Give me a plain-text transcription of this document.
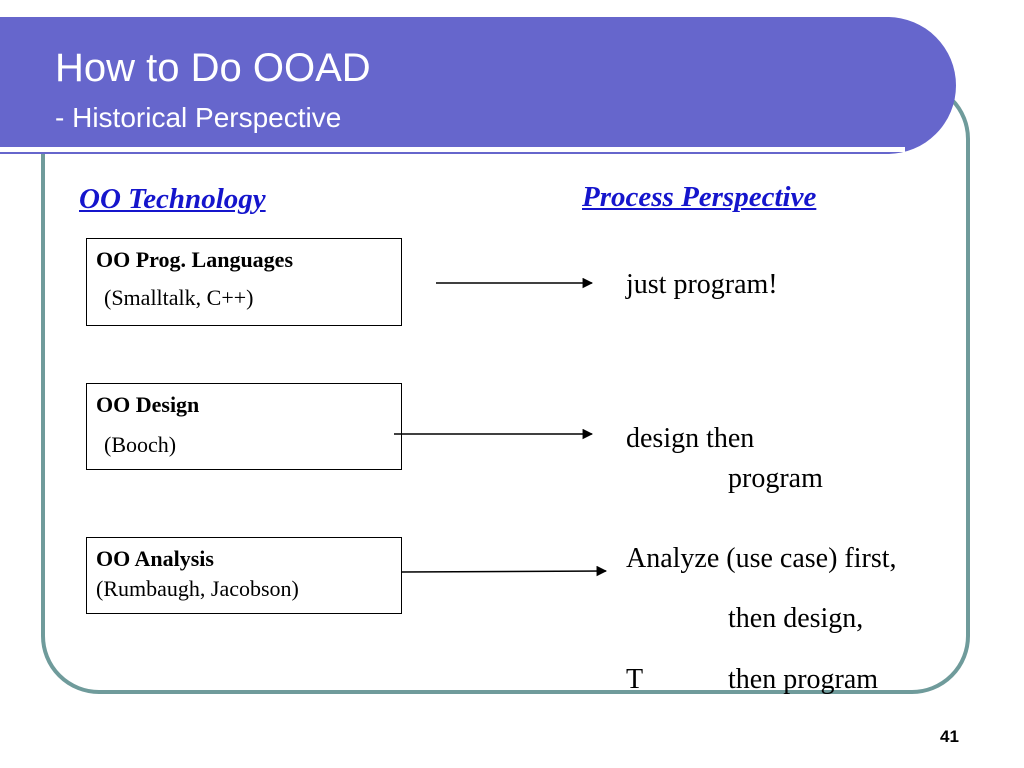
How to Do OOAD
- Historical Perspective
OO Technology	Process Perspective
OO Prog. Languages
(Smalltalk, C++)
OO Design
(Booch)
OO Analysis
(Rumbaugh, Jacobson)
just program!
design then
program
Analyze (use case) first,
then design,
T	then program
41
